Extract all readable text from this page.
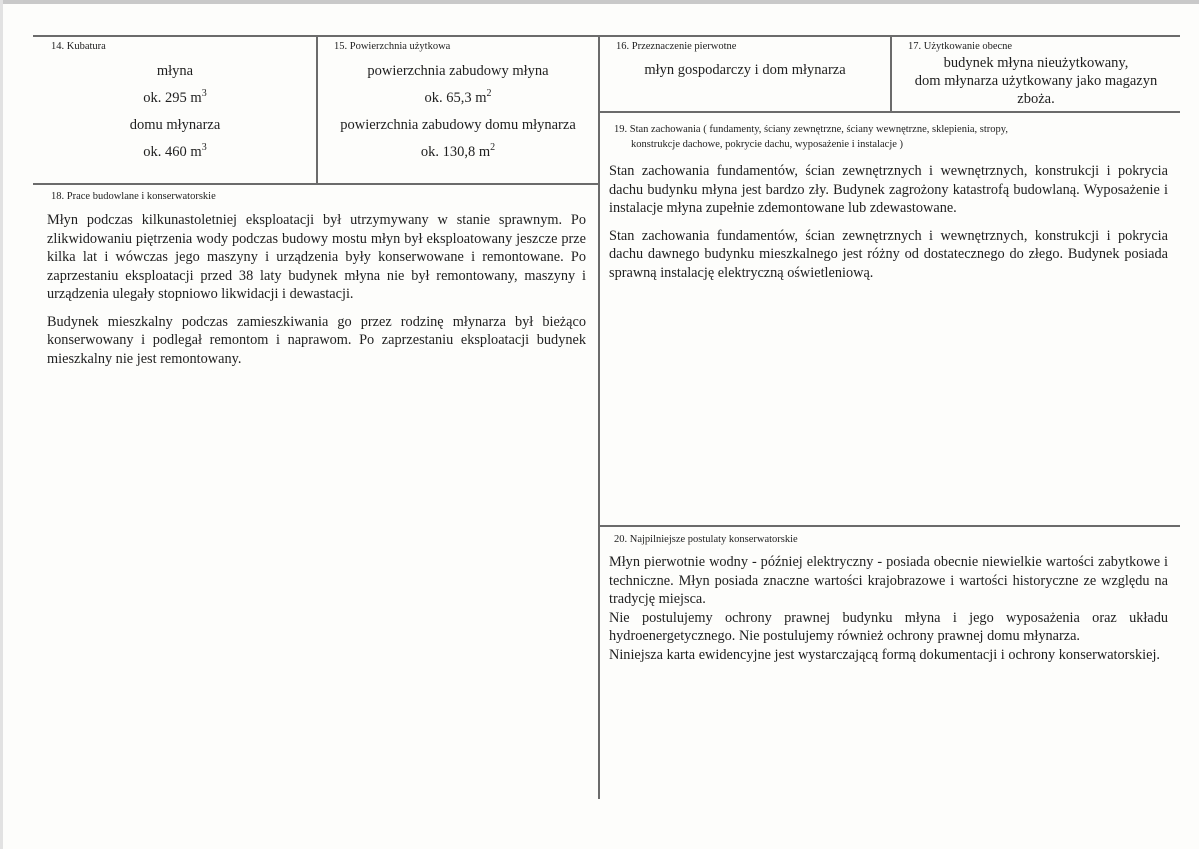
14. Kubatura
młyna
ok. 295 $m^3$
domu młynarza
ok. 460 $m^3$
15. Powierzchnia użytkowa
powierzchnia zabudowy młyna
ok. 65,3 $m^2$
powierzchnia zabudowy domu młynarza
ok. 130,8 $m^2$
16. Przeznaczenie pierwotne
młyn gospodarczy i dom młynarza
17. Użytkowanie obecne
budynek młyna nieużytkowany,
dom młynarza użytkowany jako magazyn
zboża.
18. Prace budowlane i konserwatorskie

Młyn podczas kilkunastoletniej eksploatacji był utrzymywany w stanie sprawnym. Po zlikwidowaniu piętrzenia wody podczas budowy mostu młyn był eksploatowany jeszcze prze kilka lat i wówczas jego maszyny i urządzenia były konserwowane i remontowane. Po zaprzestaniu eksploatacji przed 38 laty budynek młyna nie był remontowany, maszyny i urządzenia ulegały stopniowo likwidacji i dewastacji.

Budynek mieszkalny podczas zamieszkiwania go przez rodzinę młynarza był bieżąco konserwowany i podlegał remontom i naprawom. Po zaprzestaniu eksploatacji budynek mieszkalny nie jest remontowany.

19. Stan zachowania ( fundamenty, ściany zewnętrzne, ściany wewnętrzne, sklepienia, stropy,
konstrukcje dachowe, pokrycie dachu, wyposażenie i instalacje )

Stan zachowania fundamentów, ścian zewnętrznych i wewnętrznych, konstrukcji i pokrycia dachu budynku młyna jest bardzo zły. Budynek zagrożony katastrofą budowlaną. Wyposażenie i instalacje młyna zupełnie zdemontowane lub zdewastowane.

Stan zachowania fundamentów, ścian zewnętrznych i wewnętrznych, konstrukcji i pokrycia dachu dawnego budynku mieszkalnego jest różny od dostatecznego do złego. Budynek posiada sprawną instalację elektryczną oświetleniową.

20. Najpilniejsze postulaty konserwatorskie

Młyn pierwotnie wodny - później elektryczny - posiada obecnie niewielkie wartości zabytkowe i techniczne. Młyn posiada znaczne wartości krajobrazowe i wartości historyczne ze względu na tradycję miejsca.

Nie postulujemy ochrony prawnej budynku młyna i jego wyposażenia oraz układu hydroenergetycznego. Nie postulujemy również ochrony prawnej domu młynarza.

Niniejsza karta ewidencyjne jest wystarczającą formą dokumentacji i ochrony konserwatorskiej.
